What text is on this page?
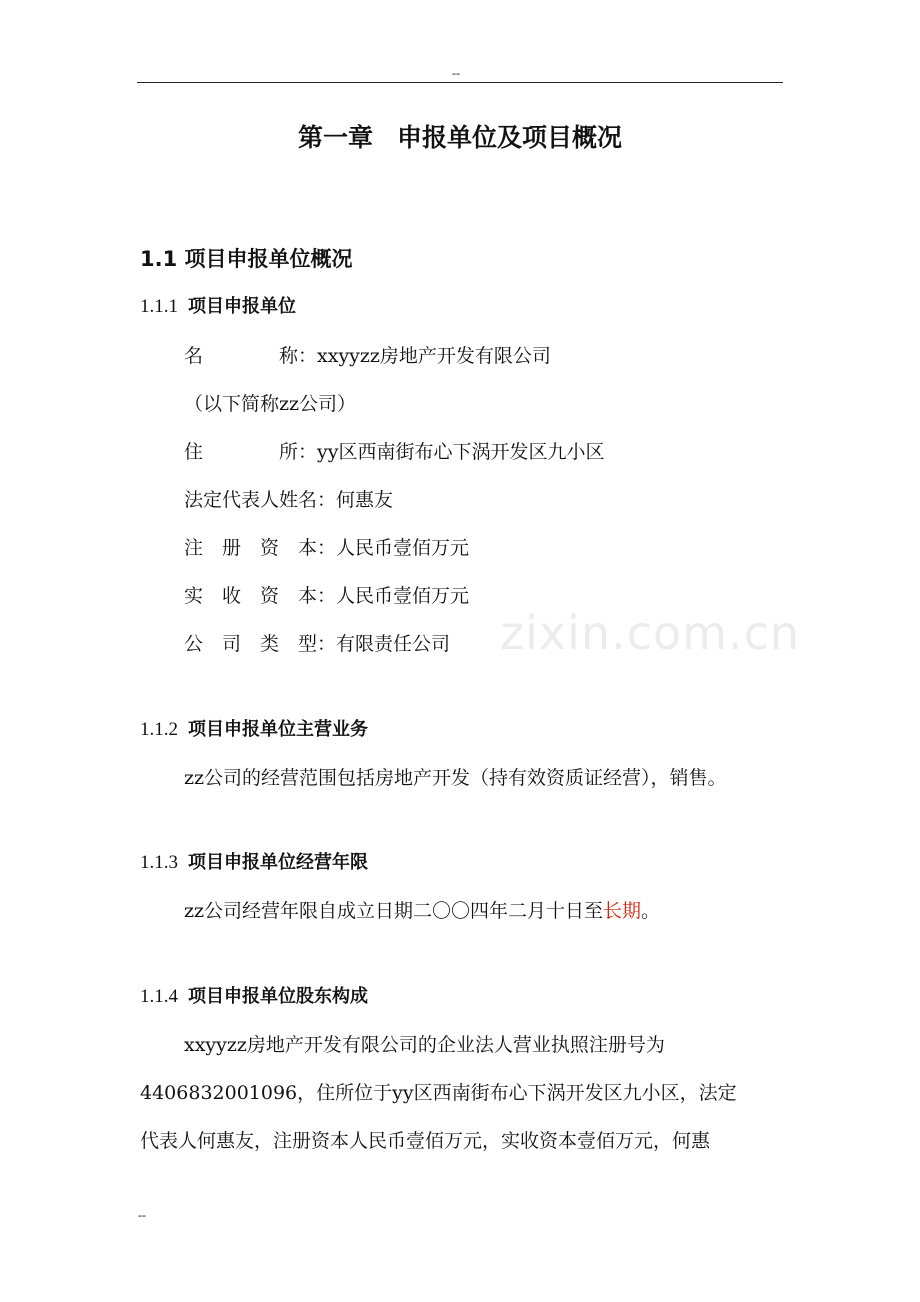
--
第一章 申报单位及项目概况
1.1 项目申报单位概况
1.1.1 项目申报单位
名　　　　称：xxyyzz房地产开发有限公司
（以下简称zz公司）
住　　　　所：yy区西南街布心下涡开发区九小区
法定代表人姓名：何惠友
注　册　资　本：人民币壹佰万元
实　收　资　本：人民币壹佰万元
公　司　类　型：有限责任公司 zixin.com.cn
1.1.2 项目申报单位主营业务
zz公司的经营范围包括房地产开发（持有效资质证经营），销售。
1.1.3 项目申报单位经营年限
zz公司经营年限自成立日期二〇〇四年二月十日至长期。
1.1.4 项目申报单位股东构成
xxyyzz房地产开发有限公司的企业法人营业执照注册号为
4406832001096，住所位于yy区西南街布心下涡开发区九小区，法定
代表人何惠友，注册资本人民币壹佰万元，实收资本壹佰万元，何惠
--
